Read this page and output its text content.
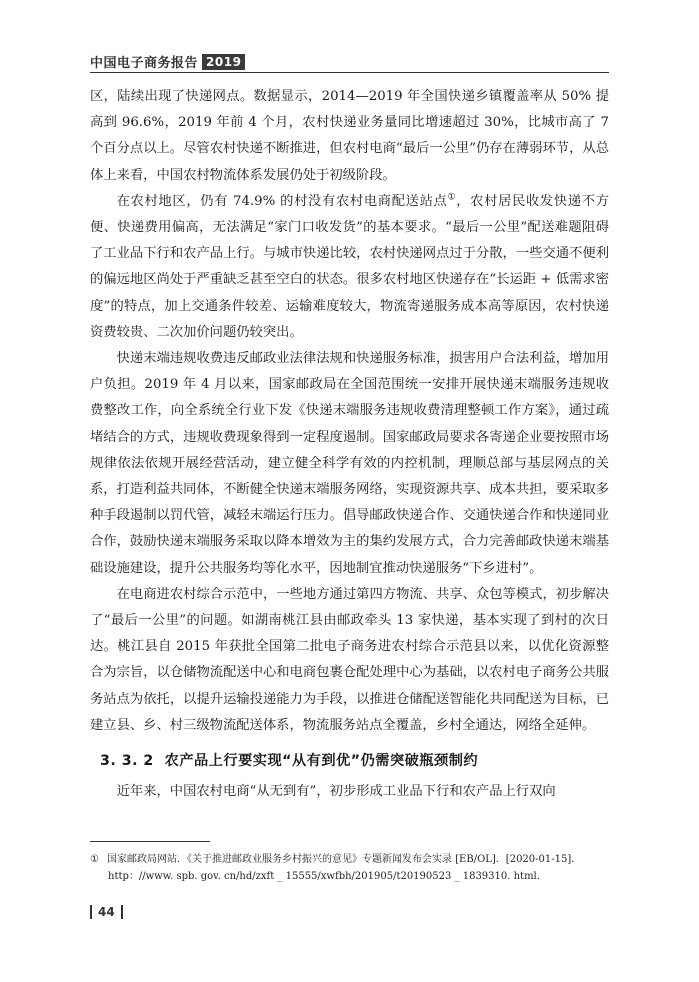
中国电子商务报告 2019

区，陆续出现了快递网点。数据显示，2014—2019 年全国快递乡镇覆盖率从 50% 提高到 96.6%，2019 年前 4 个月，农村快递业务量同比增速超过 30%，比城市高了 7 个百分点以上。尽管农村快递不断推进，但农村电商“最后一公里”仍存在薄弱环节，从总体上来看，中国农村物流体系发展仍处于初级阶段。

在农村地区，仍有 74.9% 的村没有农村电商配送站点①，农村居民收发快递不方便、快递费用偏高，无法满足“家门口收发货”的基本要求。“最后一公里”配送难题阻碍了工业品下行和农产品上行。与城市快递比较，农村快递网点过于分散，一些交通不便利的偏远地区尚处于严重缺乏甚至空白的状态。很多农村地区快递存在“长运距 + 低需求密度”的特点，加上交通条件较差、运输难度较大，物流寄递服务成本高等原因，农村快递资费较贵、二次加价问题仍较突出。

快递末端违规收费违反邮政业法律法规和快递服务标准，损害用户合法利益，增加用户负担。2019 年 4 月以来，国家邮政局在全国范围统一安排开展快递末端服务违规收费整改工作，向全系统全行业下发《快递末端服务违规收费清理整顿工作方案》，通过疏堵结合的方式，违规收费现象得到一定程度遏制。国家邮政局要求各寄递企业要按照市场规律依法依规开展经营活动，建立健全科学有效的内控机制，理顺总部与基层网点的关系，打造利益共同体，不断健全快递末端服务网络，实现资源共享、成本共担，要采取多种手段遏制以罚代管，减轻末端运行压力。倡导邮政快递合作、交通快递合作和快递同业合作，鼓励快递末端服务采取以降本增效为主的集约发展方式，合力完善邮政快递末端基础设施建设，提升公共服务均等化水平，因地制宜推动快递服务“下乡进村”。

在电商进农村综合示范中，一些地方通过第四方物流、共享、众包等模式，初步解决了“最后一公里”的问题。如湖南桃江县由邮政牵头 13 家快递，基本实现了到村的次日达。桃江县自 2015 年获批全国第二批电子商务进农村综合示范县以来，以优化资源整合为宗旨，以仓储物流配送中心和电商包裹仓配处理中心为基础，以农村电子商务公共服务站点为依托，以提升运输投递能力为手段，以推进仓储配送智能化共同配送为目标，已建立县、乡、村三级物流配送体系，物流服务站点全覆盖，乡村全通达，网络全延伸。

3. 3. 2 农产品上行要实现“从有到优”仍需突破瓶颈制约

近年来，中国农村电商“从无到有”，初步形成工业品下行和农产品上行双向

① 国家邮政局网站．《关于推进邮政业服务乡村振兴的意见》专题新闻发布会实录 [EB/OL]．[2020-01-15]．
http：//www. spb. gov. cn/hd/zxft _ 15555/xwfbh/201905/t20190523 _ 1839310. html.
44
